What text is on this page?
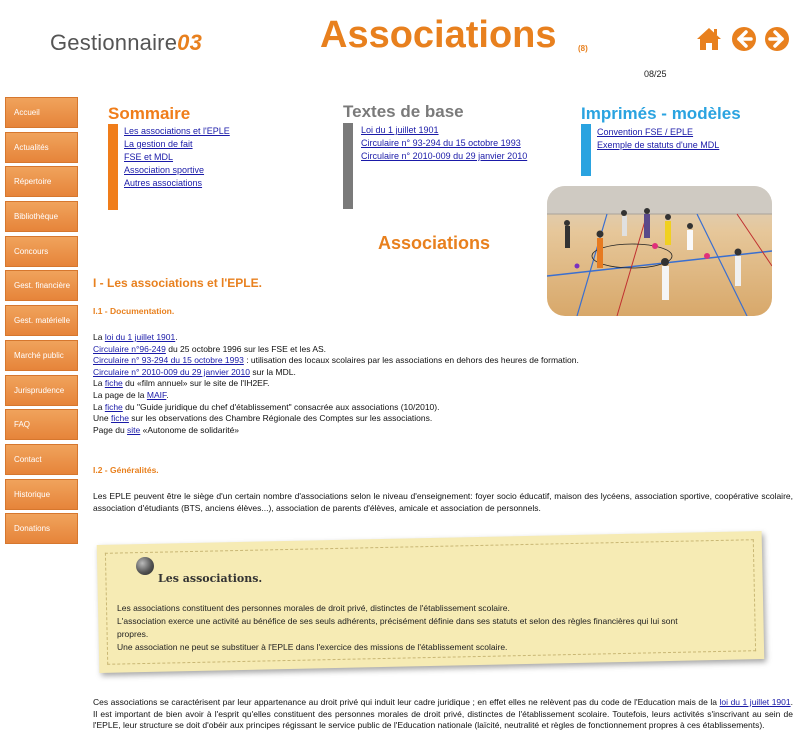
Gestionnaire03	Associations	(8)
08/25
Accueil
Actualités
Répertoire
Bibliothèque
Concours
Gest. financière
Gest. matérielle
Marché public
Jurisprudence
FAQ
Contact
Historique
Donations
Sommaire
Les associations et l'EPLE
La gestion de fait
FSE et MDL
Association sportive
Autres associations
Textes de base
Loi du 1 juillet 1901
Circulaire n° 93-294 du 15 octobre 1993
Circulaire n° 2010-009 du 29 janvier 2010
Imprimés - modèles
Convention FSE / EPLE
Exemple de statuts d'une MDL
Associations
I - Les associations et l'EPLE.
I.1 - Documentation.
La loi du 1 juillet 1901.
Circulaire n°96-249 du 25 octobre 1996 sur les FSE et les AS.
Circulaire n° 93-294 du 15 octobre 1993 : utilisation des locaux scolaires par les associations en dehors des heures de formation.
Circulaire n° 2010-009 du 29 janvier 2010 sur la MDL.
La fiche du «film annuel» sur le site de l'IH2EF.
La page de la MAIF.
La fiche du "Guide juridique du chef d'établissement" consacrée aux associations (10/2010).
Une fiche sur les observations des Chambre Régionale des Comptes sur les associations.
Page du site «Autonome de solidarité»
I.2 - Généralités.
Les EPLE peuvent être le siège d'un certain nombre d'associations selon le niveau d'enseignement: foyer socio éducatif, maison des lycéens, association sportive, coopérative scolaire, association d'étudiants (BTS, anciens élèves...), association de parents d'élèves, amicale et association de personnels.
Les associations.
Les associations constituent des personnes morales de droit privé, distinctes de l'établissement scolaire.
L'association exerce une activité au bénéfice de ses seuls adhérents, précisément définie dans ses statuts et selon des règles financières qui lui sont
propres.
Une association ne peut se substituer à l'EPLE dans l'exercice des missions de l'établissement scolaire.
Ces associations se caractérisent par leur appartenance au droit privé qui induit leur cadre juridique ; en effet elles ne relèvent pas du code de l'Education mais de la loi du 1 juillet 1901. Il est important de bien avoir à l'esprit qu'elles constituent des personnes morales de droit privé, distinctes de l'établissement scolaire. Toutefois, leurs activités s'inscrivant au sein de l'EPLE, leur structure se doit d'obéir aux principes régissant le service public de l'Education nationale (laïcité, neutralité et règles de fonctionnement propres à ces établissements).
